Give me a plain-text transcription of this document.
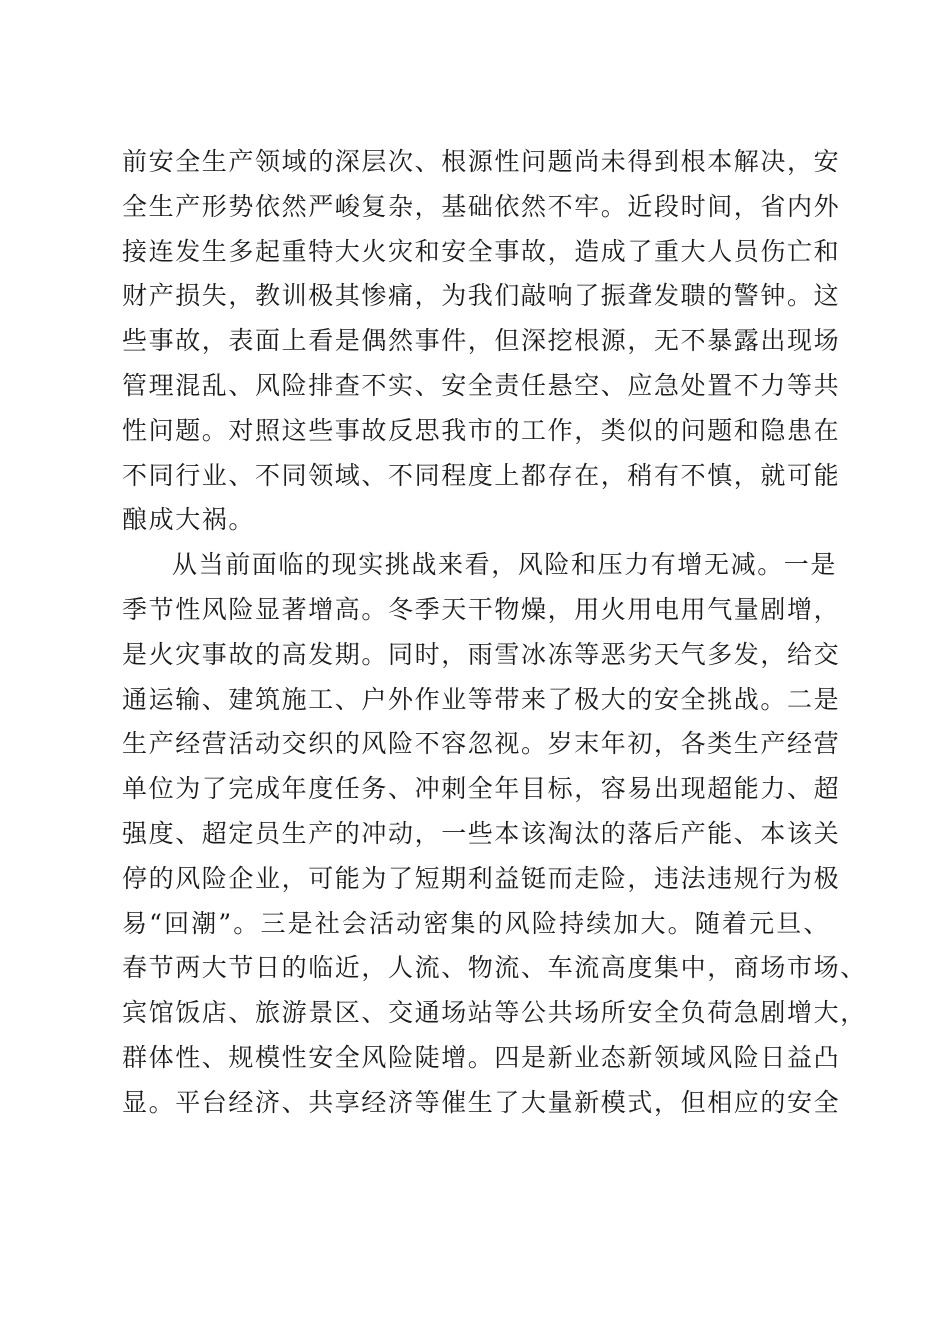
前安全生产领域的深层次、根源性问题尚未得到根本解决，安
全生产形势依然严峻复杂，基础依然不牢。近段时间，省内外
接连发生多起重特大火灾和安全事故，造成了重大人员伤亡和
财产损失，教训极其惨痛，为我们敲响了振聋发聩的警钟。这
些事故，表面上看是偶然事件，但深挖根源，无不暴露出现场
管理混乱、风险排查不实、安全责任悬空、应急处置不力等共
性问题。对照这些事故反思我市的工作，类似的问题和隐患在
不同行业、不同领域、不同程度上都存在，稍有不慎，就可能
酿成大祸。
从当前面临的现实挑战来看，风险和压力有增无减。一是
季节性风险显著增高。冬季天干物燥，用火用电用气量剧增，
是火灾事故的高发期。同时，雨雪冰冻等恶劣天气多发，给交
通运输、建筑施工、户外作业等带来了极大的安全挑战。二是
生产经营活动交织的风险不容忽视。岁末年初，各类生产经营
单位为了完成年度任务、冲刺全年目标，容易出现超能力、超
强度、超定员生产的冲动，一些本该淘汰的落后产能、本该关
停的风险企业，可能为了短期利益铤而走险，违法违规行为极
易“回潮”。三是社会活动密集的风险持续加大。随着元旦、
春节两大节日的临近，人流、物流、车流高度集中，商场市场、
宾馆饭店、旅游景区、交通场站等公共场所安全负荷急剧增大，
群体性、规模性安全风险陡增。四是新业态新领域风险日益凸
显。平台经济、共享经济等催生了大量新模式，但相应的安全
